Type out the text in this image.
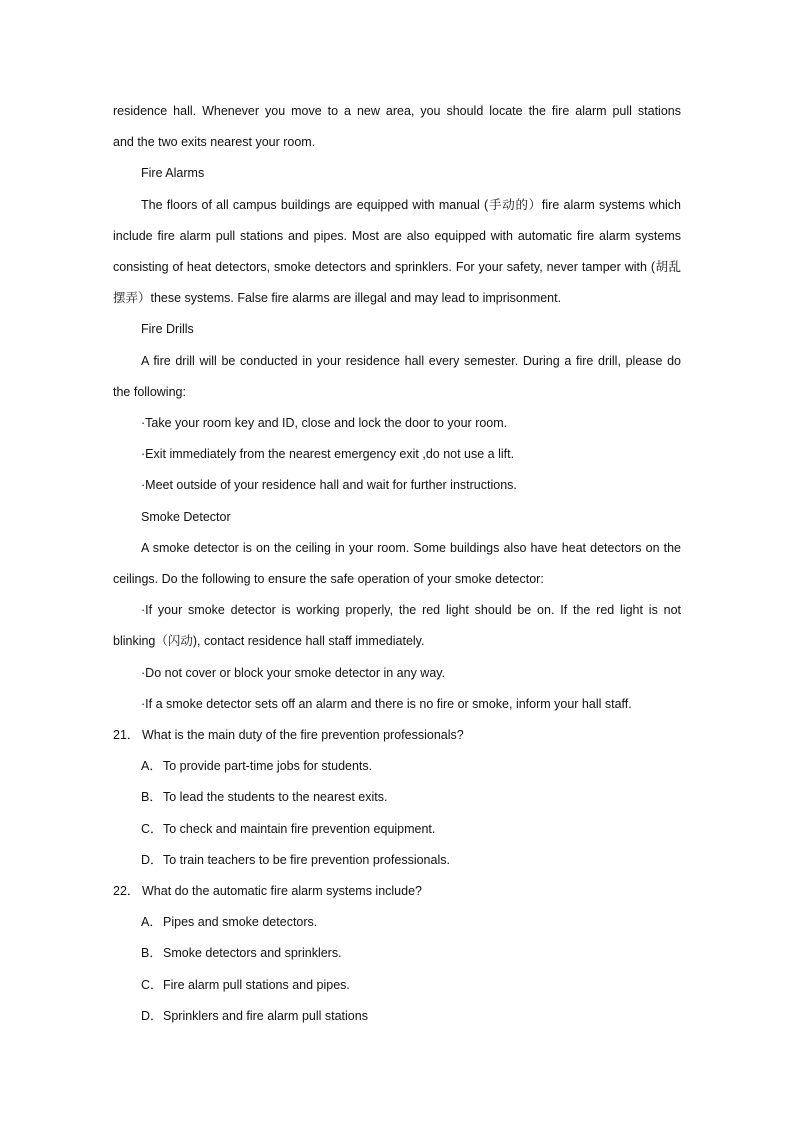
residence hall. Whenever you move to a new area, you should locate the fire alarm pull stations

and the two exits nearest your room.

Fire Alarms

The floors of all campus buildings are equipped with manual (手动的）fire alarm systems which include fire alarm pull stations and pipes. Most are also equipped with automatic fire alarm systems consisting of heat detectors, smoke detectors and sprinklers. For your safety, never tamper with (胡乱摆弄）these systems. False fire alarms are illegal and may lead to imprisonment.

Fire Drills

A fire drill will be conducted in your residence hall every semester. During a fire drill, please do the following:

·Take your room key and ID, close and lock the door to your room.

·Exit immediately from the nearest emergency exit ,do not use a lift.

·Meet outside of your residence hall and wait for further instructions.

Smoke Detector

A smoke detector is on the ceiling in your room. Some buildings also have heat detectors on the ceilings. Do the following to ensure the safe operation of your smoke detector:

·If your smoke detector is working properly, the red light should be on. If the red light is not blinking（闪动), contact residence hall staff immediately.

·Do not cover or block your smoke detector in any way.

·If a smoke detector sets off an alarm and there is no fire or smoke, inform your hall staff.

21． What is the main duty of the fire prevention professionals?

A．To provide part-time jobs for students.

B．To lead the students to the nearest exits.

C．To check and maintain fire prevention equipment.

D．To train teachers to be fire prevention professionals.

22． What do the automatic fire alarm systems include?

A．Pipes and smoke detectors.

B．Smoke detectors and sprinklers.

C．Fire alarm pull stations and pipes.

D．Sprinklers and fire alarm pull stations
